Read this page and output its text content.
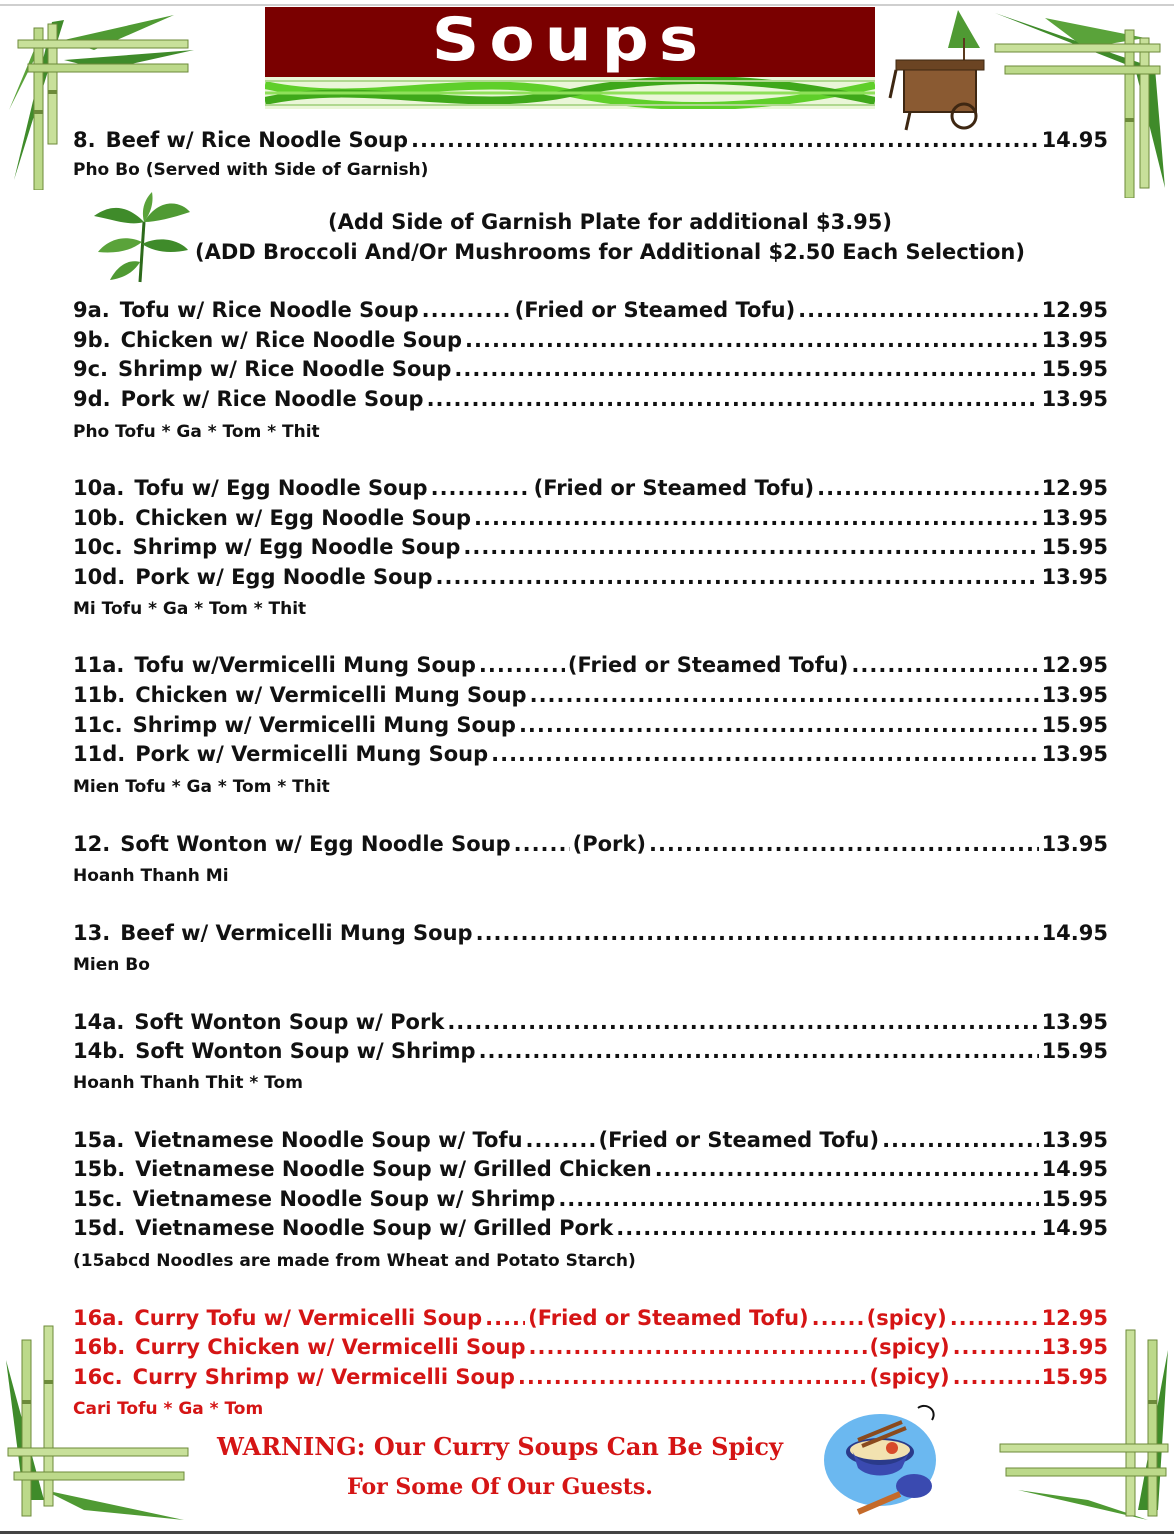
Soups
8. Beef w/ Rice Noodle Soup .....	14.95
Pho Bo (Served with Side of Garnish)
(Add Side of Garnish Plate for additional $3.95)
(ADD Broccoli And/Or Mushrooms for Additional $2.50 Each Selection)
9a. Tofu w/ Rice Noodle Soup .....	(Fried or Steamed Tofu) .....	12.95
9b. Chicken w/ Rice Noodle Soup .....	13.95
9c. Shrimp w/ Rice Noodle Soup .....	15.95
9d. Pork w/ Rice Noodle Soup .....	13.95
Pho Tofu * Ga * Tom * Thit
10a. Tofu w/ Egg Noodle Soup .....	(Fried or Steamed Tofu) .....	12.95
10b. Chicken w/ Egg Noodle Soup .....	13.95
10c. Shrimp w/ Egg Noodle Soup .....	15.95
10d. Pork w/ Egg Noodle Soup .....	13.95
Mi Tofu * Ga * Tom * Thit
11a. Tofu w/Vermicelli Mung Soup .....	(Fried or Steamed Tofu) .....	12.95
11b. Chicken w/ Vermicelli Mung Soup .....	13.95
11c. Shrimp w/ Vermicelli Mung Soup .....	15.95
11d. Pork w/ Vermicelli Mung Soup .....	13.95
Mien Tofu * Ga * Tom * Thit
12. Soft Wonton w/ Egg Noodle Soup .....	(Pork) .....	13.95
Hoanh Thanh Mi
13. Beef w/ Vermicelli Mung Soup .....	14.95
Mien Bo
14a. Soft Wonton Soup w/ Pork .....	13.95
14b. Soft Wonton Soup w/ Shrimp .....	15.95
Hoanh Thanh Thit * Tom
15a. Vietnamese Noodle Soup w/ Tofu .....	(Fried or Steamed Tofu) .....	13.95
15b. Vietnamese Noodle Soup w/ Grilled Chicken .....	14.95
15c. Vietnamese Noodle Soup w/ Shrimp .....	15.95
15d. Vietnamese Noodle Soup w/ Grilled Pork .....	14.95
(15abcd Noodles are made from Wheat and Potato Starch)
16a. Curry Tofu w/ Vermicelli Soup ..... (Fried or Steamed Tofu) .....	(spicy) .....	12.95
16b. Curry Chicken w/ Vermicelli Soup .....	(spicy) .....	13.95
16c. Curry Shrimp w/ Vermicelli Soup .....	(spicy) .....	15.95
Cari Tofu * Ga * Tom
WARNING: Our Curry Soups Can Be Spicy
For Some Of Our Guests.
